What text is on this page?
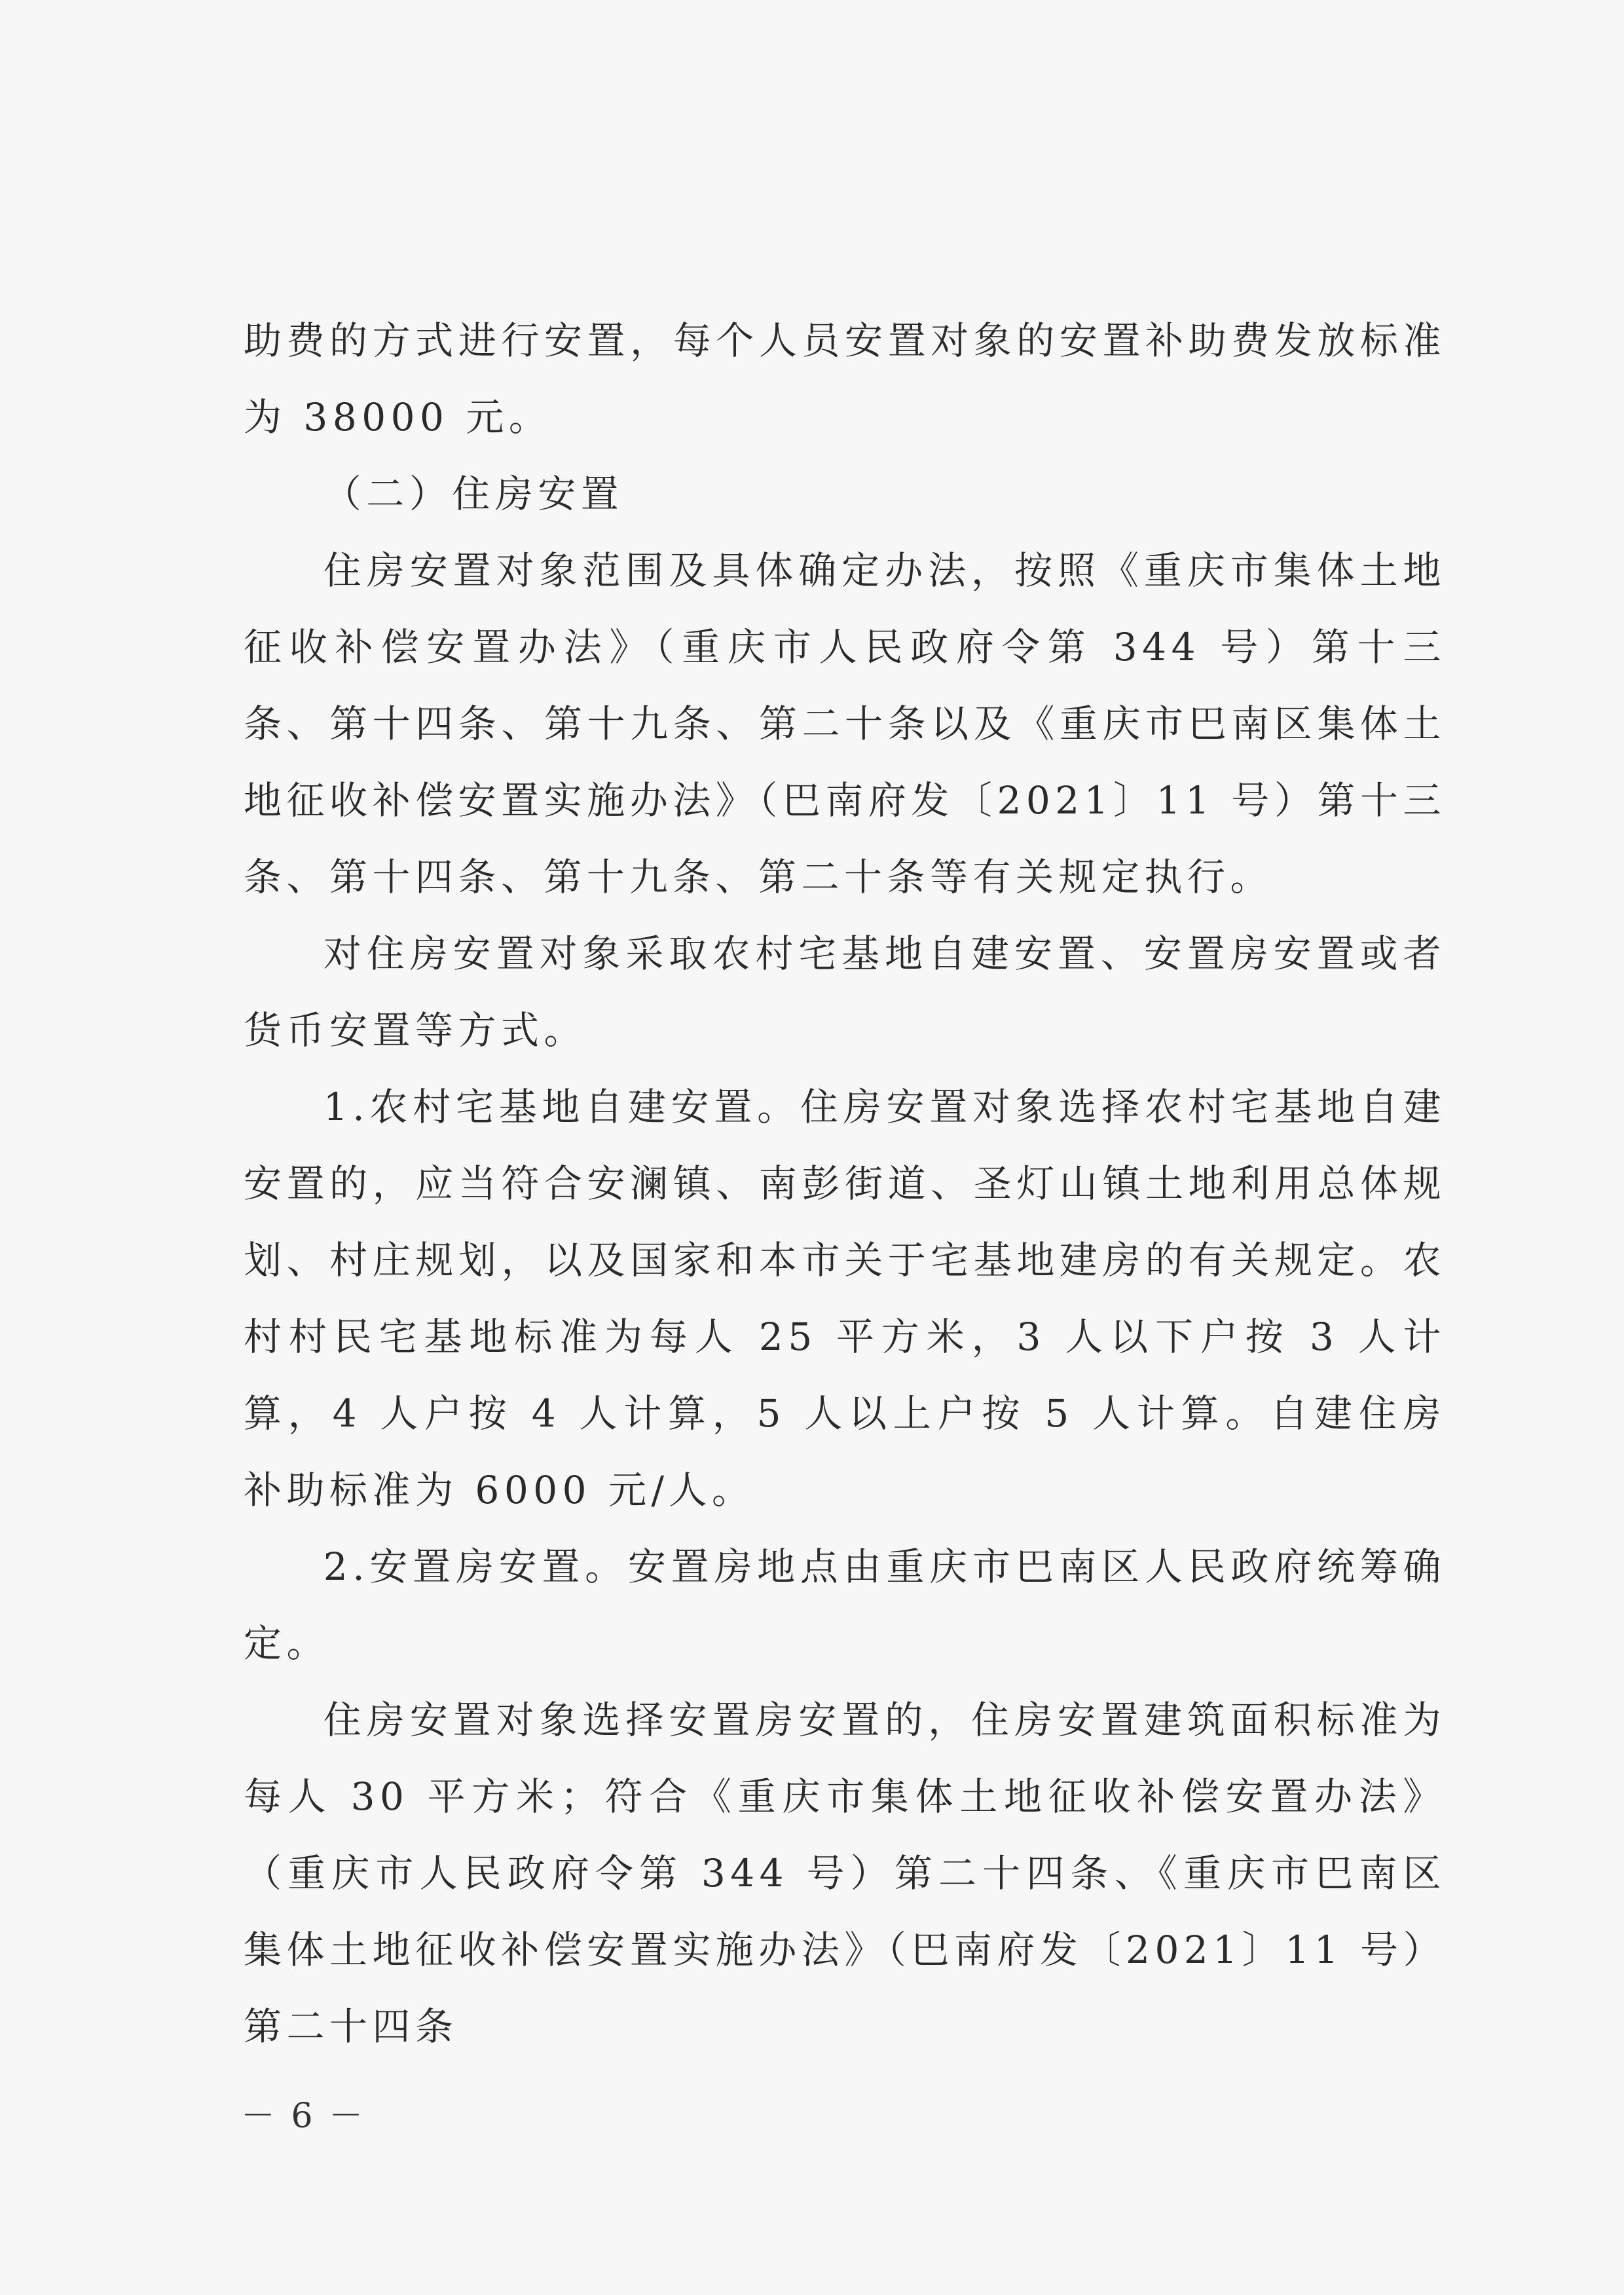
助费的方式进行安置，每个人员安置对象的安置补助费发放标准为 38000 元。

（二）住房安置

住房安置对象范围及具体确定办法，按照《重庆市集体土地征收补偿安置办法》（重庆市人民政府令第 344 号）第十三条、第十四条、第十九条、第二十条以及《重庆市巴南区集体土地征收补偿安置实施办法》（巴南府发〔2021〕11 号）第十三条、第十四条、第十九条、第二十条等有关规定执行。

对住房安置对象采取农村宅基地自建安置、安置房安置或者货币安置等方式。

1.农村宅基地自建安置。住房安置对象选择农村宅基地自建安置的，应当符合安澜镇、南彭街道、圣灯山镇土地利用总体规划、村庄规划，以及国家和本市关于宅基地建房的有关规定。农村村民宅基地标准为每人 25 平方米，3 人以下户按 3 人计算，4 人户按 4 人计算，5 人以上户按 5 人计算。自建住房补助标准为 6000 元/人。

2.安置房安置。安置房地点由重庆市巴南区人民政府统筹确定。

住房安置对象选择安置房安置的，住房安置建筑面积标准为每人 30 平方米；符合《重庆市集体土地征收补偿安置办法》（重庆市人民政府令第 344 号）第二十四条、《重庆市巴南区集体土地征收补偿安置实施办法》（巴南府发〔2021〕11 号）第二十四条

－ 6 －
